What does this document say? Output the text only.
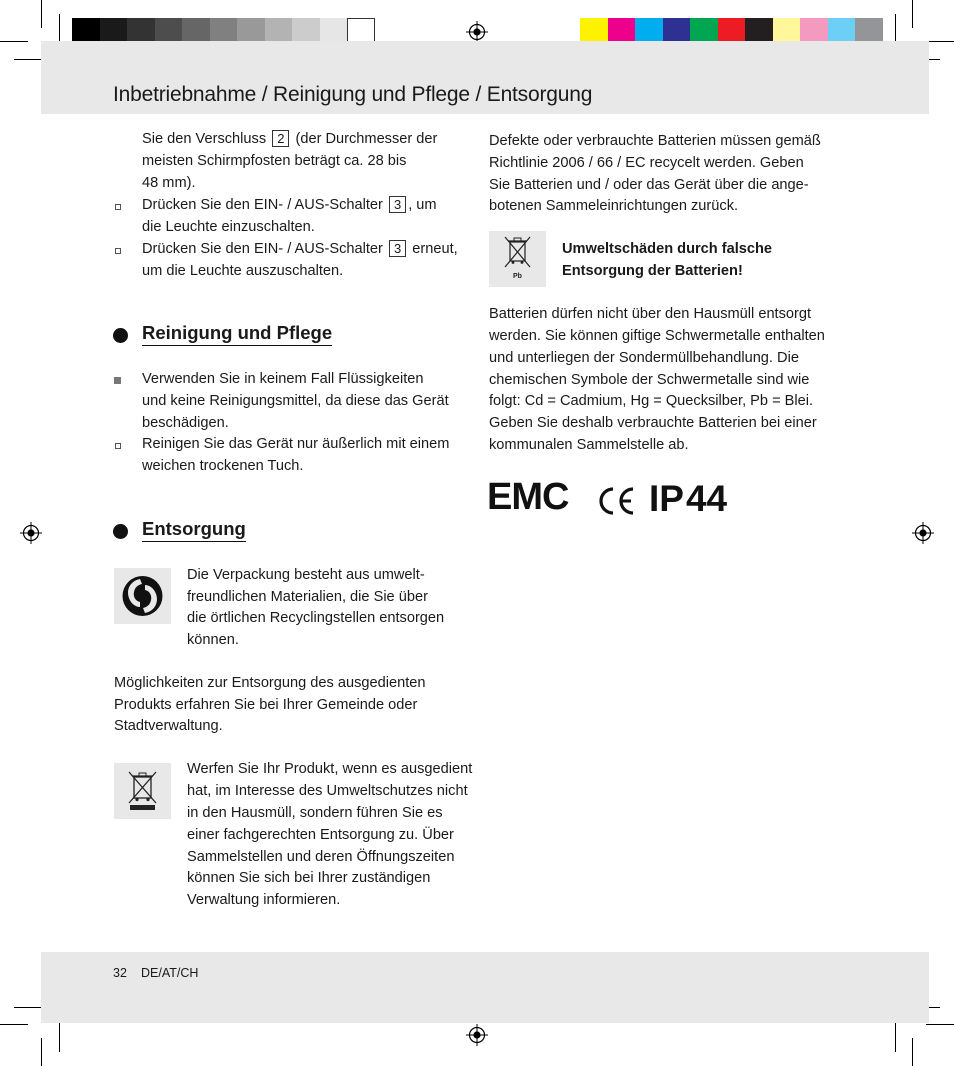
Inbetriebnahme / Reinigung und Pflege / Entsorgung
Sie den Verschluss 2 (der Durchmesser der
meisten Schirmpfosten beträgt ca. 28 bis
48 mm).
Drücken Sie den EIN- / AUS-Schalter 3 , um
die Leuchte einzuschalten.
Drücken Sie den EIN- / AUS-Schalter 3 erneut,
um die Leuchte auszuschalten.
Reinigung und Pflege
Verwenden Sie in keinem Fall Flüssigkeiten
und keine Reinigungsmittel, da diese das Gerät
beschädigen.
Reinigen Sie das Gerät nur äußerlich mit einem
weichen trockenen Tuch.
Entsorgung
Die Verpackung besteht aus umwelt-
freundlichen Materialien, die Sie über
die örtlichen Recyclingstellen entsorgen
können.
Möglichkeiten zur Entsorgung des ausgedienten
Produkts erfahren Sie bei Ihrer Gemeinde oder
Stadtverwaltung.
Werfen Sie Ihr Produkt, wenn es ausgedient
hat, im Interesse des Umweltschutzes nicht
in den Hausmüll, sondern führen Sie es
einer fachgerechten Entsorgung zu. Über
Sammelstellen und deren Öffnungszeiten
können Sie sich bei Ihrer zuständigen
Verwaltung informieren.
Defekte oder verbrauchte Batterien müssen gemäß
Richtlinie 2006 / 66 / EC recycelt werden. Geben
Sie Batterien und / oder das Gerät über die ange-
botenen Sammeleinrichtungen zurück.
Pb
Umweltschäden durch falsche
Entsorgung der Batterien!
Batterien dürfen nicht über den Hausmüll entsorgt
werden. Sie können giftige Schwermetalle enthalten
und unterliegen der Sondermüllbehandlung. Die
chemischen Symbole der Schwermetalle sind wie
folgt: Cd = Cadmium, Hg = Quecksilber, Pb = Blei.
Geben Sie deshalb verbrauchte Batterien bei einer
kommunalen Sammelstelle ab.
EMC IP44
32 DE/AT/CH
